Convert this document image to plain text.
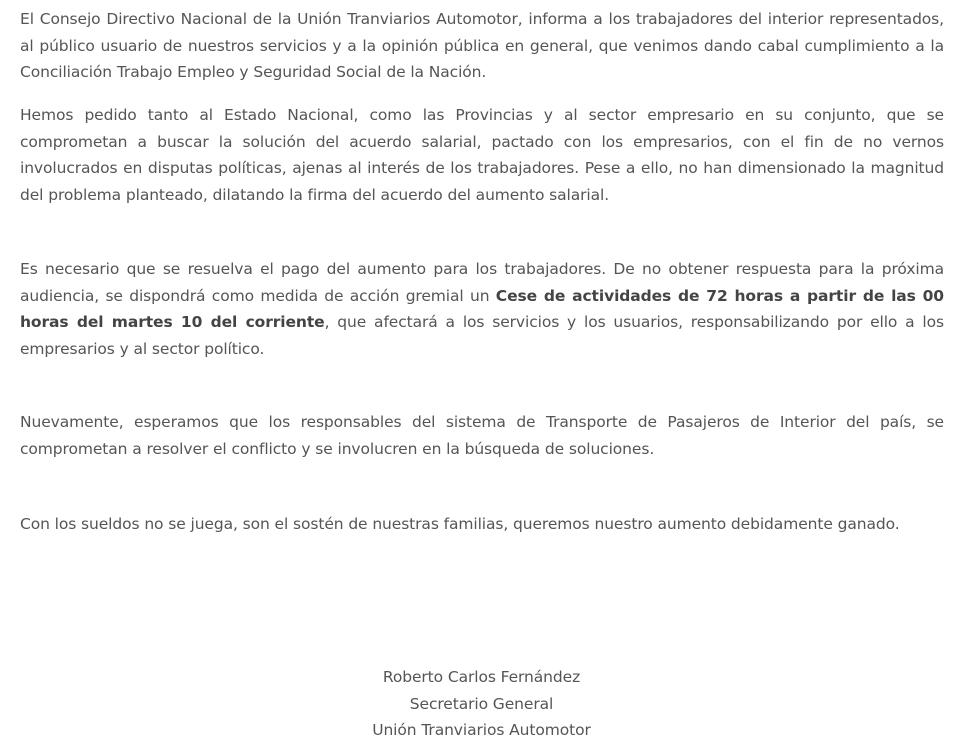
El Consejo Directivo Nacional de la Unión Tranviarios Automotor, informa a los trabajadores del interior representados, al público usuario de nuestros servicios y a la opinión pública en general, que venimos dando cabal cumplimiento a la Conciliación Trabajo Empleo y Seguridad Social de la Nación.

Hemos pedido tanto al Estado Nacional, como las Provincias y al sector empresario en su conjunto, que se comprometan a buscar la solución del acuerdo salarial, pactado con los empresarios, con el fin de no vernos involucrados en disputas políticas, ajenas al interés de los trabajadores. Pese a ello, no han dimensionado la magnitud del problema planteado, dilatando la firma del acuerdo del aumento salarial.

Es necesario que se resuelva el pago del aumento para los trabajadores. De no obtener respuesta para la próxima audiencia, se dispondrá como medida de acción gremial un Cese de actividades de 72 horas a partir de las 00 horas del martes 10 del corriente, que afectará a los servicios y los usuarios, responsabilizando por ello a los empresarios y al sector político.

Nuevamente, esperamos que los responsables del sistema de Transporte de Pasajeros de Interior del país, se comprometan a resolver el conflicto y se involucren en la búsqueda de soluciones.

Con los sueldos no se juega, son el sostén de nuestras familias, queremos nuestro aumento debidamente ganado.

Roberto Carlos Fernández
Secretario General
Unión Tranviarios Automotor
